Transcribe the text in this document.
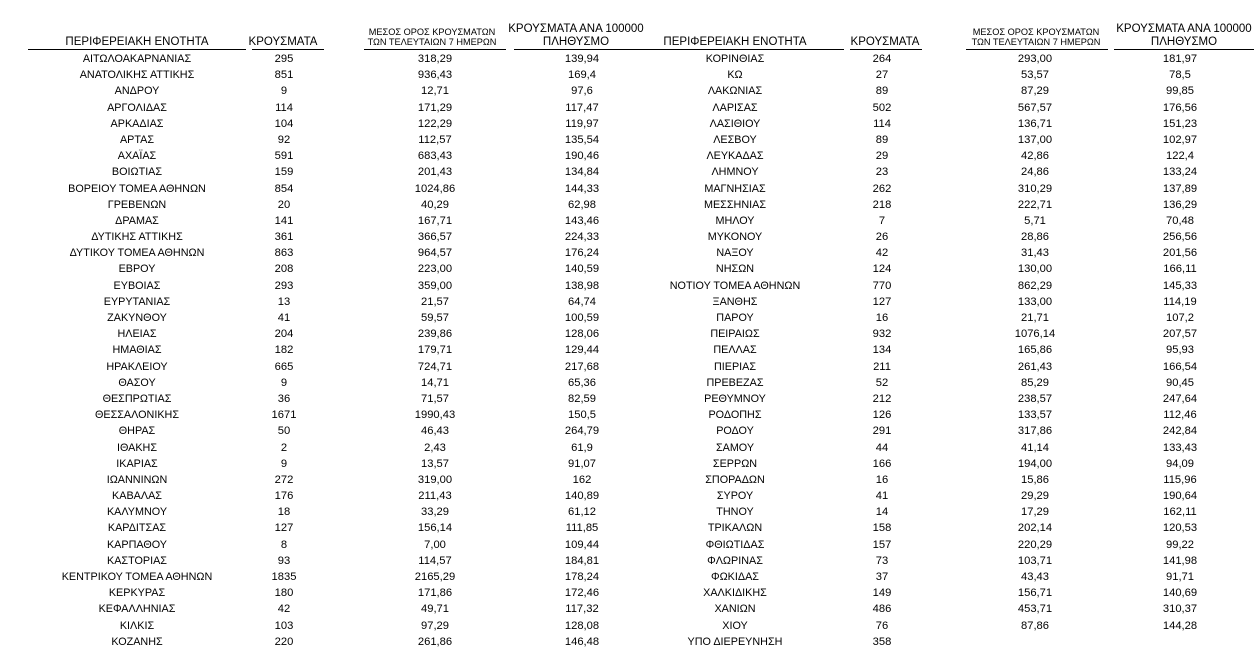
ΠΕΡΙΦΕΡΕΙΑΚΗ ΕΝΟΤΗΤΑ	ΚΡΟΥΣΜΑΤΑ
ΜΕΣΟΣ ΟΡΟΣ ΚΡΟΥΣΜΑΤΩΝ
ΤΩΝ ΤΕΛΕΥΤΑΙΩΝ 7 ΗΜΕΡΩΝ
ΚΡΟΥΣΜΑΤΑ ΑΝΑ 100000
ΠΛΗΘΥΣΜΟ
ΑΙΤΩΛΟΑΚΑΡΝΑΝΙΑΣ	295	318,29	139,94
ΑΝΑΤΟΛΙΚΗΣ ΑΤΤΙΚΗΣ	851	936,43	169,4
ΑΝΔΡΟΥ	9	12,71	97,6
ΑΡΓΟΛΙΔΑΣ	114	171,29	117,47
ΑΡΚΑΔΙΑΣ	104	122,29	119,97
ΑΡΤΑΣ	92	112,57	135,54
ΑΧΑΪΑΣ	591	683,43	190,46
ΒΟΙΩΤΙΑΣ	159	201,43	134,84
ΒΟΡΕΙΟΥ ΤΟΜΕΑ ΑΘΗΝΩΝ	854	1024,86	144,33
ΓΡΕΒΕΝΩΝ	20	40,29	62,98
ΔΡΑΜΑΣ	141	167,71	143,46
ΔΥΤΙΚΗΣ ΑΤΤΙΚΗΣ	361	366,57	224,33
ΔΥΤΙΚΟΥ ΤΟΜΕΑ ΑΘΗΝΩΝ	863	964,57	176,24
ΕΒΡΟΥ	208	223,00	140,59
ΕΥΒΟΙΑΣ	293	359,00	138,98
ΕΥΡΥΤΑΝΙΑΣ	13	21,57	64,74
ΖΑΚΥΝΘΟΥ	41	59,57	100,59
ΗΛΕΙΑΣ	204	239,86	128,06
ΗΜΑΘΙΑΣ	182	179,71	129,44
ΗΡΑΚΛΕΙΟΥ	665	724,71	217,68
ΘΑΣΟΥ	9	14,71	65,36
ΘΕΣΠΡΩΤΙΑΣ	36	71,57	82,59
ΘΕΣΣΑΛΟΝΙΚΗΣ	1671	1990,43	150,5
ΘΗΡΑΣ	50	46,43	264,79
ΙΘΑΚΗΣ	2	2,43	61,9
ΙΚΑΡΙΑΣ	9	13,57	91,07
ΙΩΑΝΝΙΝΩΝ	272	319,00	162
ΚΑΒΑΛΑΣ	176	211,43	140,89
ΚΑΛΥΜΝΟΥ	18	33,29	61,12
ΚΑΡΔΙΤΣΑΣ	127	156,14	111,85
ΚΑΡΠΑΘΟΥ	8	7,00	109,44
ΚΑΣΤΟΡΙΑΣ	93	114,57	184,81
ΚΕΝΤΡΙΚΟΥ ΤΟΜΕΑ ΑΘΗΝΩΝ	1835	2165,29	178,24
ΚΕΡΚΥΡΑΣ	180	171,86	172,46
ΚΕΦΑΛΛΗΝΙΑΣ	42	49,71	117,32
ΚΙΛΚΙΣ	103	97,29	128,08
ΚΟΖΑΝΗΣ	220	261,86	146,48
ΠΕΡΙΦΕΡΕΙΑΚΗ ΕΝΟΤΗΤΑ	ΚΡΟΥΣΜΑΤΑ
ΜΕΣΟΣ ΟΡΟΣ ΚΡΟΥΣΜΑΤΩΝ
ΤΩΝ ΤΕΛΕΥΤΑΙΩΝ 7 ΗΜΕΡΩΝ
ΚΡΟΥΣΜΑΤΑ ΑΝΑ 100000
ΠΛΗΘΥΣΜΟ
ΚΟΡΙΝΘΙΑΣ	264	293,00	181,97
ΚΩ	27	53,57	78,5
ΛΑΚΩΝΙΑΣ	89	87,29	99,85
ΛΑΡΙΣΑΣ	502	567,57	176,56
ΛΑΣΙΘΙΟΥ	114	136,71	151,23
ΛΕΣΒΟΥ	89	137,00	102,97
ΛΕΥΚΑΔΑΣ	29	42,86	122,4
ΛΗΜΝΟΥ	23	24,86	133,24
ΜΑΓΝΗΣΙΑΣ	262	310,29	137,89
ΜΕΣΣΗΝΙΑΣ	218	222,71	136,29
ΜΗΛΟΥ	7	5,71	70,48
ΜΥΚΟΝΟΥ	26	28,86	256,56
ΝΑΞΟΥ	42	31,43	201,56
ΝΗΣΩΝ	124	130,00	166,11
ΝΟΤΙΟΥ ΤΟΜΕΑ ΑΘΗΝΩΝ	770	862,29	145,33
ΞΑΝΘΗΣ	127	133,00	114,19
ΠΑΡΟΥ	16	21,71	107,2
ΠΕΙΡΑΙΩΣ	932	1076,14	207,57
ΠΕΛΛΑΣ	134	165,86	95,93
ΠΙΕΡΙΑΣ	211	261,43	166,54
ΠΡΕΒΕΖΑΣ	52	85,29	90,45
ΡΕΘΥΜΝΟΥ	212	238,57	247,64
ΡΟΔΟΠΗΣ	126	133,57	112,46
ΡΟΔΟΥ	291	317,86	242,84
ΣΑΜΟΥ	44	41,14	133,43
ΣΕΡΡΩΝ	166	194,00	94,09
ΣΠΟΡΑΔΩΝ	16	15,86	115,96
ΣΥΡΟΥ	41	29,29	190,64
ΤΗΝΟΥ	14	17,29	162,11
ΤΡΙΚΑΛΩΝ	158	202,14	120,53
ΦΘΙΩΤΙΔΑΣ	157	220,29	99,22
ΦΛΩΡΙΝΑΣ	73	103,71	141,98
ΦΩΚΙΔΑΣ	37	43,43	91,71
ΧΑΛΚΙΔΙΚΗΣ	149	156,71	140,69
ΧΑΝΙΩΝ	486	453,71	310,37
ΧΙΟΥ	76	87,86	144,28
ΥΠΟ ΔΙΕΡΕΥΝΗΣΗ	358
